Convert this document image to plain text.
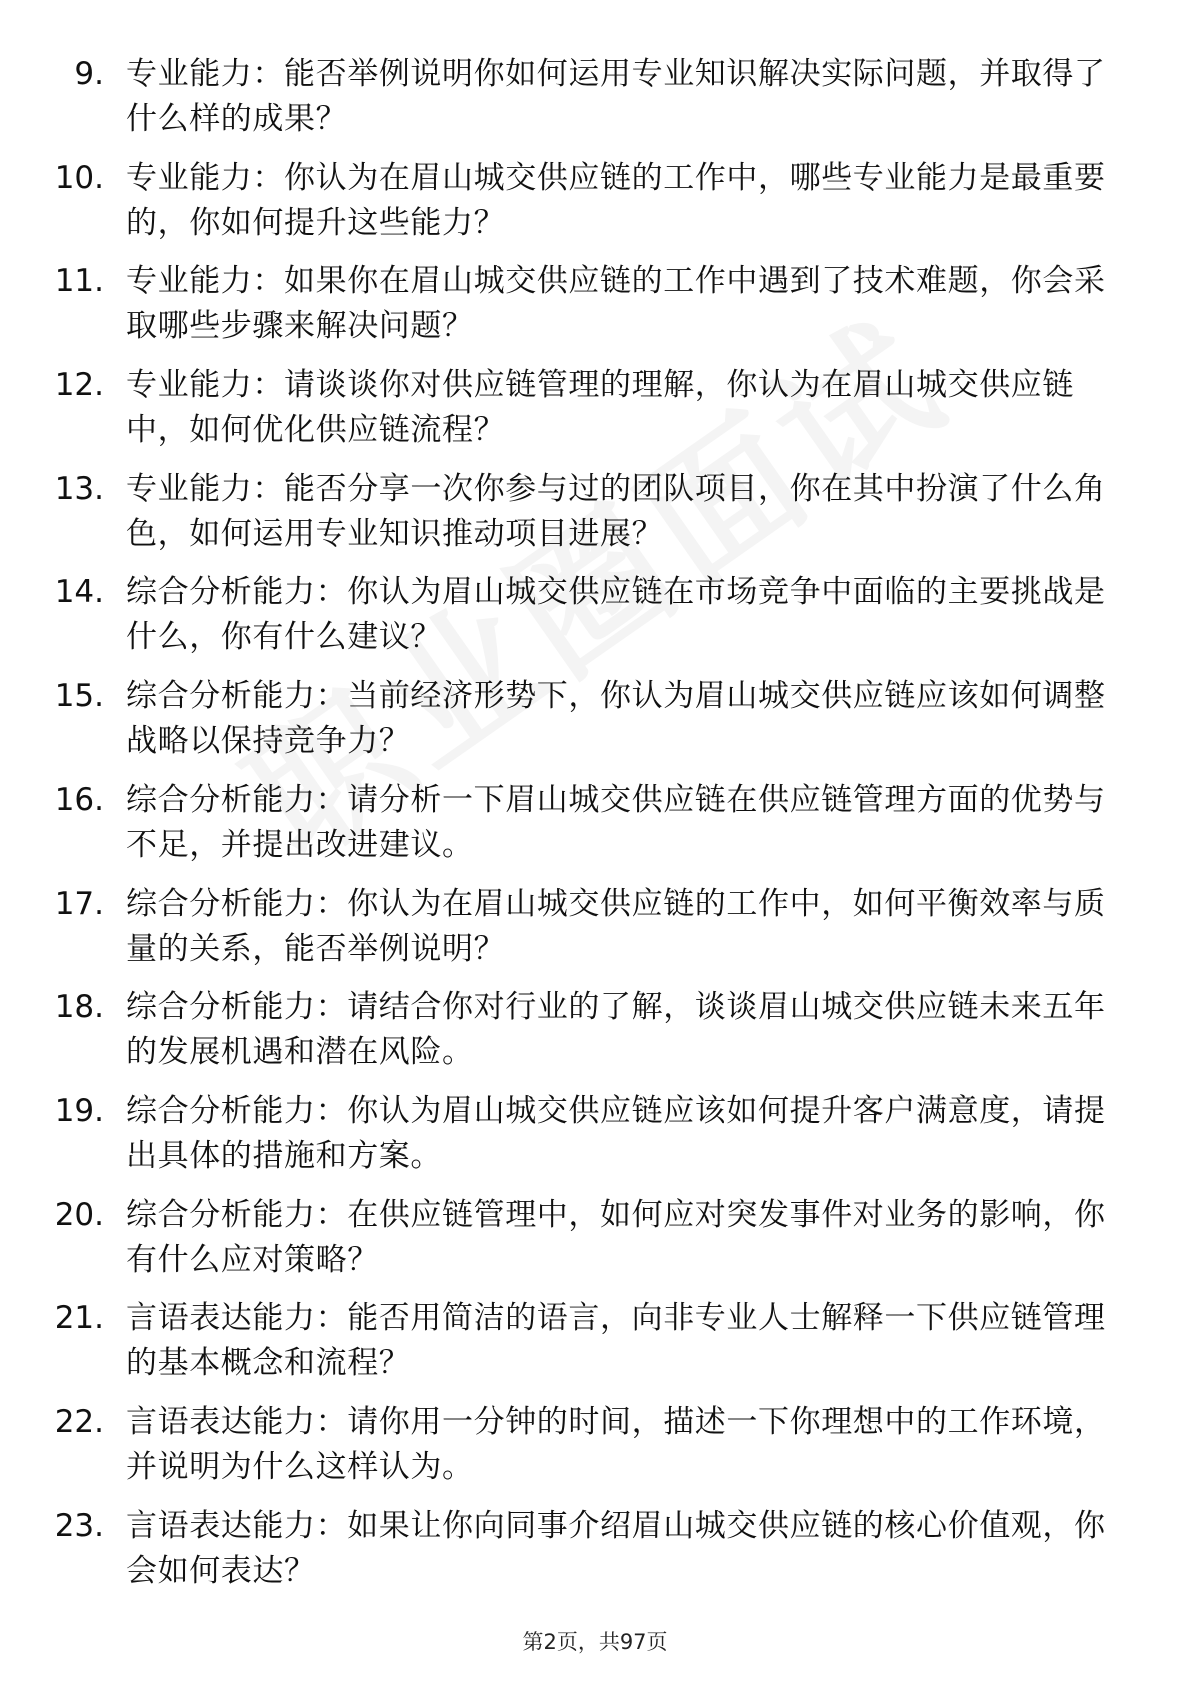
9. 专业能力：能否举例说明你如何运用专业知识解决实际问题，并取得了什么样的成果？
10. 专业能力：你认为在眉山城交供应链的工作中，哪些专业能力是最重要的，你如何提升这些能力？
11. 专业能力：如果你在眉山城交供应链的工作中遇到了技术难题，你会采取哪些步骤来解决问题？
12. 专业能力：请谈谈你对供应链管理的理解，你认为在眉山城交供应链中，如何优化供应链流程？
13. 专业能力：能否分享一次你参与过的团队项目，你在其中扮演了什么角色，如何运用专业知识推动项目进展？
14. 综合分析能力：你认为眉山城交供应链在市场竞争中面临的主要挑战是什么，你有什么建议？
15. 综合分析能力：当前经济形势下，你认为眉山城交供应链应该如何调整战略以保持竞争力？
16. 综合分析能力：请分析一下眉山城交供应链在供应链管理方面的优势与不足，并提出改进建议。
17. 综合分析能力：你认为在眉山城交供应链的工作中，如何平衡效率与质量的关系，能否举例说明？
18. 综合分析能力：请结合你对行业的了解，谈谈眉山城交供应链未来五年的发展机遇和潜在风险。
19. 综合分析能力：你认为眉山城交供应链应该如何提升客户满意度，请提出具体的措施和方案。
20. 综合分析能力：在供应链管理中，如何应对突发事件对业务的影响，你有什么应对策略？
21. 言语表达能力：能否用简洁的语言，向非专业人士解释一下供应链管理的基本概念和流程？
22. 言语表达能力：请你用一分钟的时间，描述一下你理想中的工作环境，并说明为什么这样认为。
23. 言语表达能力：如果让你向同事介绍眉山城交供应链的核心价值观，你会如何表达？
第2页，共97页
